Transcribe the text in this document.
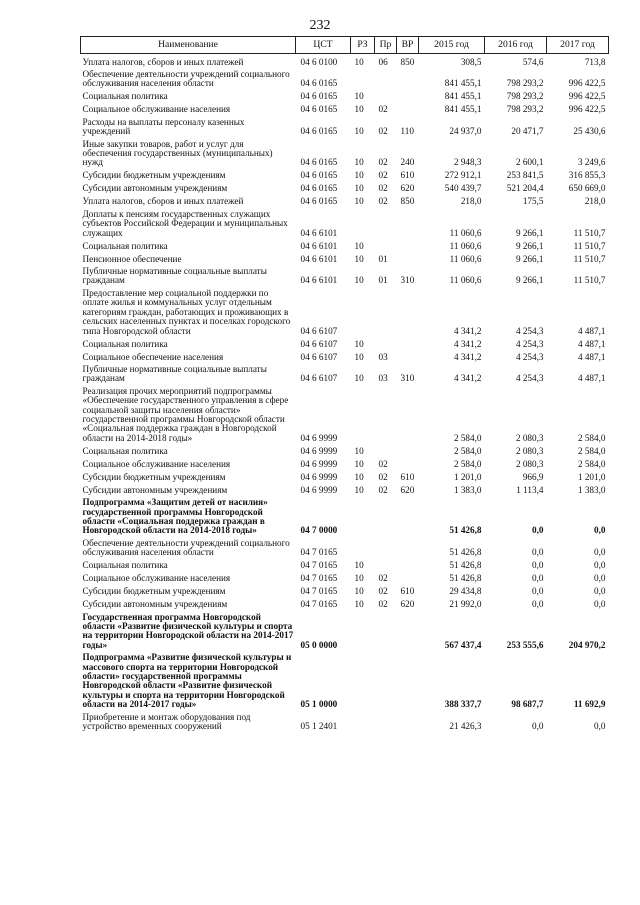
232
Наименование	ЦСТ	РЗ	Пр	ВР	2015 год	2016 год	2017 год
Уплата налогов, сборов и иных платежей	04 6 0100	10	06	850	308,5	574,6	713,8
Обеспечение деятельности учреждений социального обслуживания населения области	04 6 0165				841 455,1	798 293,2	996 422,5
Социальная политика	04 6 0165	10			841 455,1	798 293,2	996 422,5
Социальное обслуживание населения	04 6 0165	10	02		841 455,1	798 293,2	996 422,5
Расходы на выплаты персоналу казенных учреждений	04 6 0165	10	02	110	24 937,0	20 471,7	25 430,6
Иные закупки товаров, работ и услуг для обеспечения государственных (муниципальных) нужд	04 6 0165	10	02	240	2 948,3	2 600,1	3 249,6
Субсидии бюджетным учреждениям	04 6 0165	10	02	610	272 912,1	253 841,5	316 855,3
Субсидии автономным учреждениям	04 6 0165	10	02	620	540 439,7	521 204,4	650 669,0
Уплата налогов, сборов и иных платежей	04 6 0165	10	02	850	218,0	175,5	218,0
Доплаты к пенсиям государственных служащих субъектов Российской Федерации и муниципальных служащих	04 6 6101				11 060,6	9 266,1	11 510,7
Социальная политика	04 6 6101	10			11 060,6	9 266,1	11 510,7
Пенсионное обеспечение	04 6 6101	10	01		11 060,6	9 266,1	11 510,7
Публичные нормативные социальные выплаты гражданам	04 6 6101	10	01	310	11 060,6	9 266,1	11 510,7
Предоставление мер социальной поддержки по оплате жилья и коммунальных услуг отдельным категориям граждан, работающих и проживающих в сельских населенных пунктах и поселках городского типа Новгородской области	04 6 6107				4 341,2	4 254,3	4 487,1
Социальная политика	04 6 6107	10			4 341,2	4 254,3	4 487,1
Социальное обеспечение населения	04 6 6107	10	03		4 341,2	4 254,3	4 487,1
Публичные нормативные социальные выплаты гражданам	04 6 6107	10	03	310	4 341,2	4 254,3	4 487,1
Реализация прочих мероприятий подпрограммы «Обеспечение государственного управления в сфере социальной защиты населения области» государственной программы Новгородской области «Социальная поддержка граждан в Новгородской области на 2014-2018 годы»	04 6 9999				2 584,0	2 080,3	2 584,0
Социальная политика	04 6 9999	10			2 584,0	2 080,3	2 584,0
Социальное обслуживание населения	04 6 9999	10	02		2 584,0	2 080,3	2 584,0
Субсидии бюджетным учреждениям	04 6 9999	10	02	610	1 201,0	966,9	1 201,0
Субсидии автономным учреждениям	04 6 9999	10	02	620	1 383,0	1 113,4	1 383,0
Подпрограмма «Защитим детей от насилия» государственной программы Новгородской области «Социальная поддержка граждан в Новгородской области на 2014-2018 годы»	04 7 0000				51 426,8	0,0	0,0
Обеспечение деятельности учреждений социального обслуживания населения области	04 7 0165				51 426,8	0,0	0,0
Социальная политика	04 7 0165	10			51 426,8	0,0	0,0
Социальное обслуживание населения	04 7 0165	10	02		51 426,8	0,0	0,0
Субсидии бюджетным учреждениям	04 7 0165	10	02	610	29 434,8	0,0	0,0
Субсидии автономным учреждениям	04 7 0165	10	02	620	21 992,0	0,0	0,0
Государственная программа Новгородской области «Развитие физической культуры и спорта на территории Новгородской области на 2014-2017 годы»	05 0 0000				567 437,4	253 555,6	204 970,2
Подпрограмма «Развитие физической культуры и массового спорта на территории Новгородской области» государственной программы Новгородской области «Развитие физической культуры и спорта на территории Новгородской области на 2014-2017 годы»	05 1 0000				388 337,7	98 687,7	11 692,9
Приобретение и монтаж оборудования под устройство временных сооружений	05 1 2401				21 426,3	0,0	0,0
